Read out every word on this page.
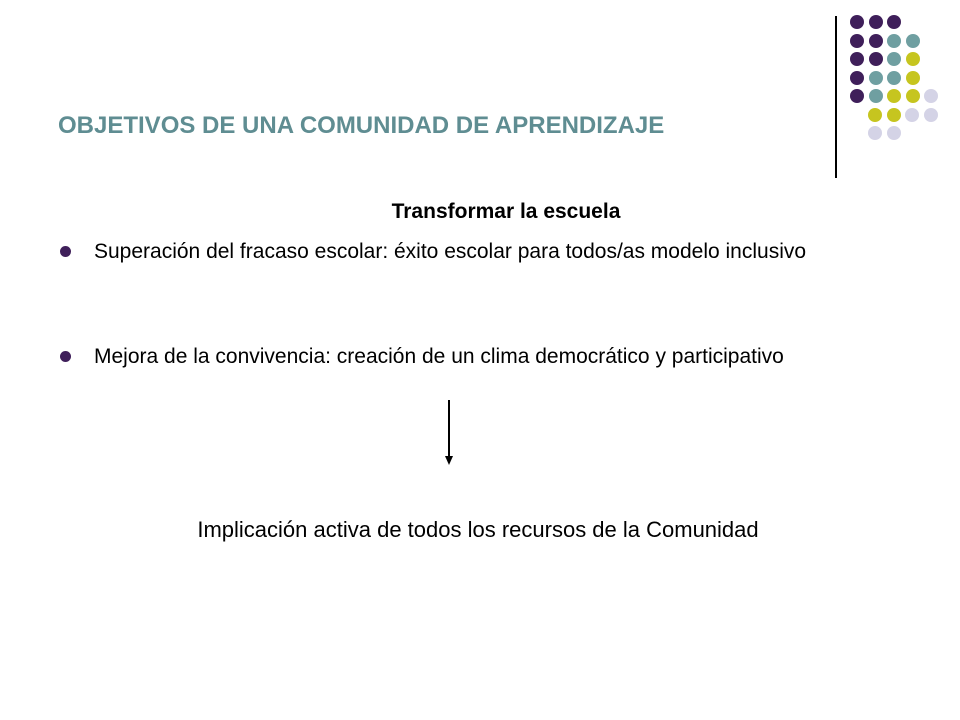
OBJETIVOS DE UNA COMUNIDAD DE APRENDIZAJE
Transformar la escuela
Superación del fracaso escolar: éxito escolar para todos/as modelo inclusivo
Mejora de la convivencia: creación de un clima democrático y participativo
Implicación activa de todos los recursos de la Comunidad
